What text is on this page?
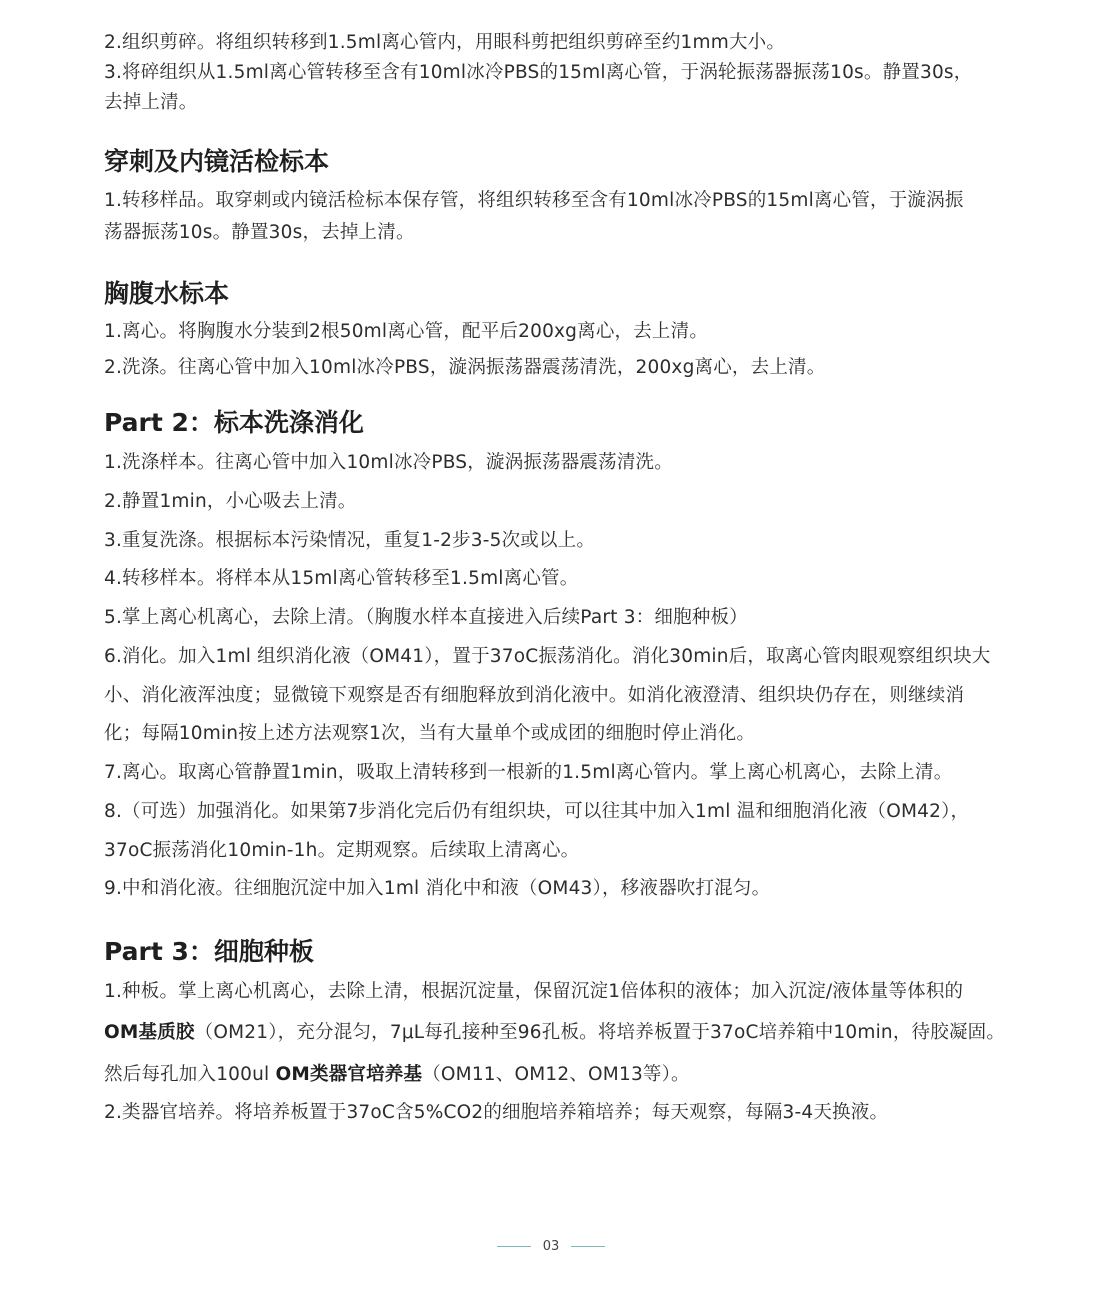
2.组织剪碎。将组织转移到1.5ml离心管内，用眼科剪把组织剪碎至约1mm大小。
3.将碎组织从1.5ml离心管转移至含有10ml冰冷PBS的15ml离心管，于涡轮振荡器振荡10s。静置30s，
去掉上清。
穿刺及内镜活检标本
1.转移样品。取穿刺或内镜活检标本保存管，将组织转移至含有10ml冰冷PBS的15ml离心管，于漩涡振
荡器振荡10s。静置30s，去掉上清。
胸腹水标本
1.离心。将胸腹水分装到2根50ml离心管，配平后200xg离心，去上清。
2.洗涤。往离心管中加入10ml冰冷PBS，漩涡振荡器震荡清洗，200xg离心，去上清。
Part 2：标本洗涤消化
1.洗涤样本。往离心管中加入10ml冰冷PBS，漩涡振荡器震荡清洗。
2.静置1min，小心吸去上清。
3.重复洗涤。根据标本污染情况，重复1-2步3-5次或以上。
4.转移样本。将样本从15ml离心管转移至1.5ml离心管。
5.掌上离心机离心，去除上清。（胸腹水样本直接进入后续Part 3：细胞种板）
6.消化。加入1ml 组织消化液（OM41），置于37oC振荡消化。消化30min后，取离心管肉眼观察组织块大
小、消化液浑浊度；显微镜下观察是否有细胞释放到消化液中。如消化液澄清、组织块仍存在，则继续消
化；每隔10min按上述方法观察1次，当有大量单个或成团的细胞时停止消化。
7.离心。取离心管静置1min，吸取上清转移到一根新的1.5ml离心管内。掌上离心机离心，去除上清。
8.（可选）加强消化。如果第7步消化完后仍有组织块，可以往其中加入1ml 温和细胞消化液（OM42），
37oC振荡消化10min-1h。定期观察。后续取上清离心。
9.中和消化液。往细胞沉淀中加入1ml 消化中和液（OM43），移液器吹打混匀。
Part 3：细胞种板
1.种板。掌上离心机离心，去除上清，根据沉淀量，保留沉淀1倍体积的液体；加入沉淀/液体量等体积的
OM基质胶（OM21），充分混匀，7μL每孔接种至96孔板。将培养板置于37oC培养箱中10min，待胶凝固。
然后每孔加入100ul OM类器官培养基（OM11、OM12、OM13等）。
2.类器官培养。将培养板置于37oC含5%CO2的细胞培养箱培养；每天观察，每隔3-4天换液。
03
